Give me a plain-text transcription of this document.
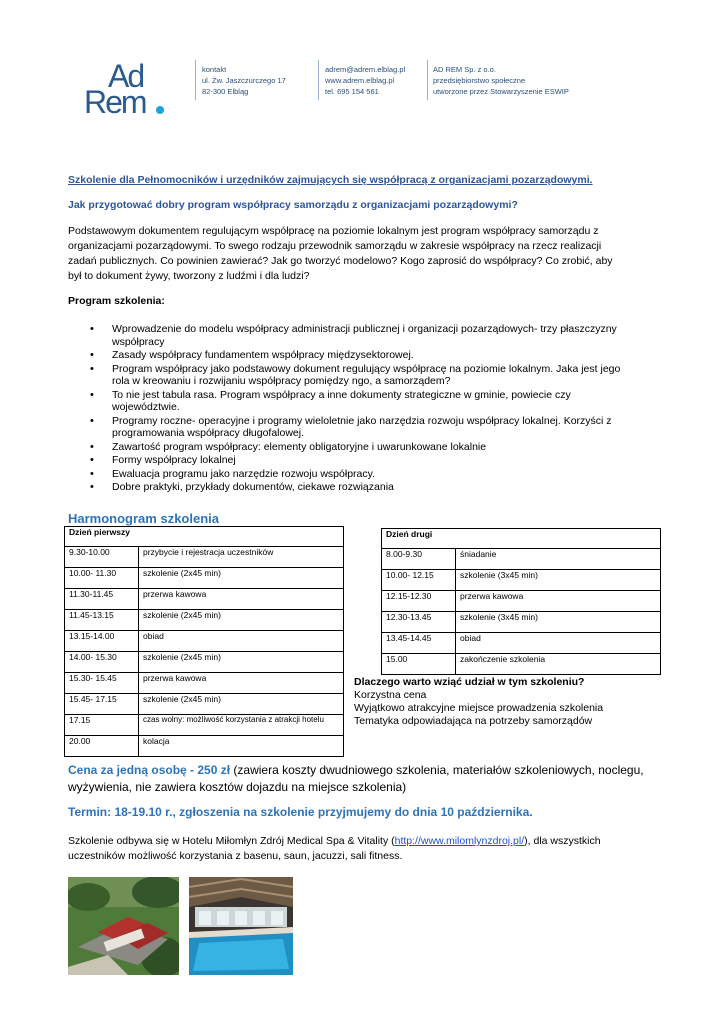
Ad
Rem
kontakt
ul. Żw. Jaszczurczego 17
82-300 Elbląg
adrem@adrem.elblag.pl
www.adrem.elblag.pl
tel. 695 154 561
AD REM Sp. z o.o.
przedsiębiorstwo społeczne
utworzone przez Stowarzyszenie ESWIP
Szkolenie dla Pełnomocników i urzędników zajmujących się współpracą z organizacjami pozarządowymi.
Jak przygotować dobry program współpracy samorządu z organizacjami pozarządowymi?
Podstawowym dokumentem regulującym współpracę na poziomie lokalnym jest program współpracy samorządu z
organizacjami pozarządowymi. To swego rodzaju przewodnik samorządu w zakresie współpracy na rzecz realizacji
zadań publicznych. Co powinien zawierać? Jak go tworzyć modelowo? Kogo zaprosić do współpracy? Co zrobić, aby
był to dokument żywy, tworzony z ludźmi i dla ludzi?
Program szkolenia:
• Wprowadzenie do modelu współpracy administracji publicznej i organizacji pozarządowych- trzy płaszczyzny
współpracy
• Zasady współpracy fundamentem współpracy międzysektorowej.
• Program współpracy jako podstawowy dokument regulujący współpracę na poziomie lokalnym. Jaka jest jego
rola w kreowaniu i rozwijaniu współpracy pomiędzy ngo, a samorządem?
• To nie jest tabula rasa. Program współpracy a inne dokumenty strategiczne w gminie, powiecie czy
województwie.
• Programy roczne- operacyjne i programy wieloletnie jako narzędzia rozwoju współpracy lokalnej. Korzyści z
programowania współpracy długofalowej.
• Zawartość program współpracy: elementy obligatoryjne i uwarunkowane lokalnie
• Formy współpracy lokalnej
• Ewaluacja programu jako narzędzie rozwoju współpracy.
• Dobre praktyki, przykłady dokumentów, ciekawe rozwiązania
Harmonogram szkolenia
Dzień pierwszy	
9.30-10.00	przybycie i rejestracja uczestników
10.00- 11.30	szkolenie (2x45 min)
11.30-11.45	przerwa kawowa
11.45-13.15	szkolenie (2x45 min)
13.15-14.00	obiad
14.00- 15.30	szkolenie (2x45 min)
15.30- 15.45	przerwa kawowa
15.45- 17.15	szkolenie (2x45 min)
17.15	czas wolny: możliwość korzystania z atrakcji hotelu

20.00	kolacja
Dzień drugi	
8.00-9.30	śniadanie
10.00- 12.15	szkolenie (3x45 min)
12.15-12.30	przerwa kawowa
12.30-13.45	szkolenie (3x45 min)
13.45-14.45	obiad
15.00	zakończenie szkolenia
Dlaczego warto wziąć udział w tym szkoleniu?
Korzystna cena
Wyjątkowo atrakcyjne miejsce prowadzenia szkolenia
Tematyka odpowiadająca na potrzeby samorządów
Cena za jedną osobę - 250 zł (zawiera koszty dwudniowego szkolenia, materiałów szkoleniowych, noclegu,
wyżywienia, nie zawiera kosztów dojazdu na miejsce szkolenia)
Termin: 18-19.10 r., zgłoszenia na szkolenie przyjmujemy do dnia 10 października.
Szkolenie odbywa się w Hotelu Miłomłyn Zdrój Medical Spa & Vitality (http://www.milomlynzdroj.pl/), dla wszystkich
uczestników możliwość korzystania z basenu, saun, jacuzzi, sali fitness.
